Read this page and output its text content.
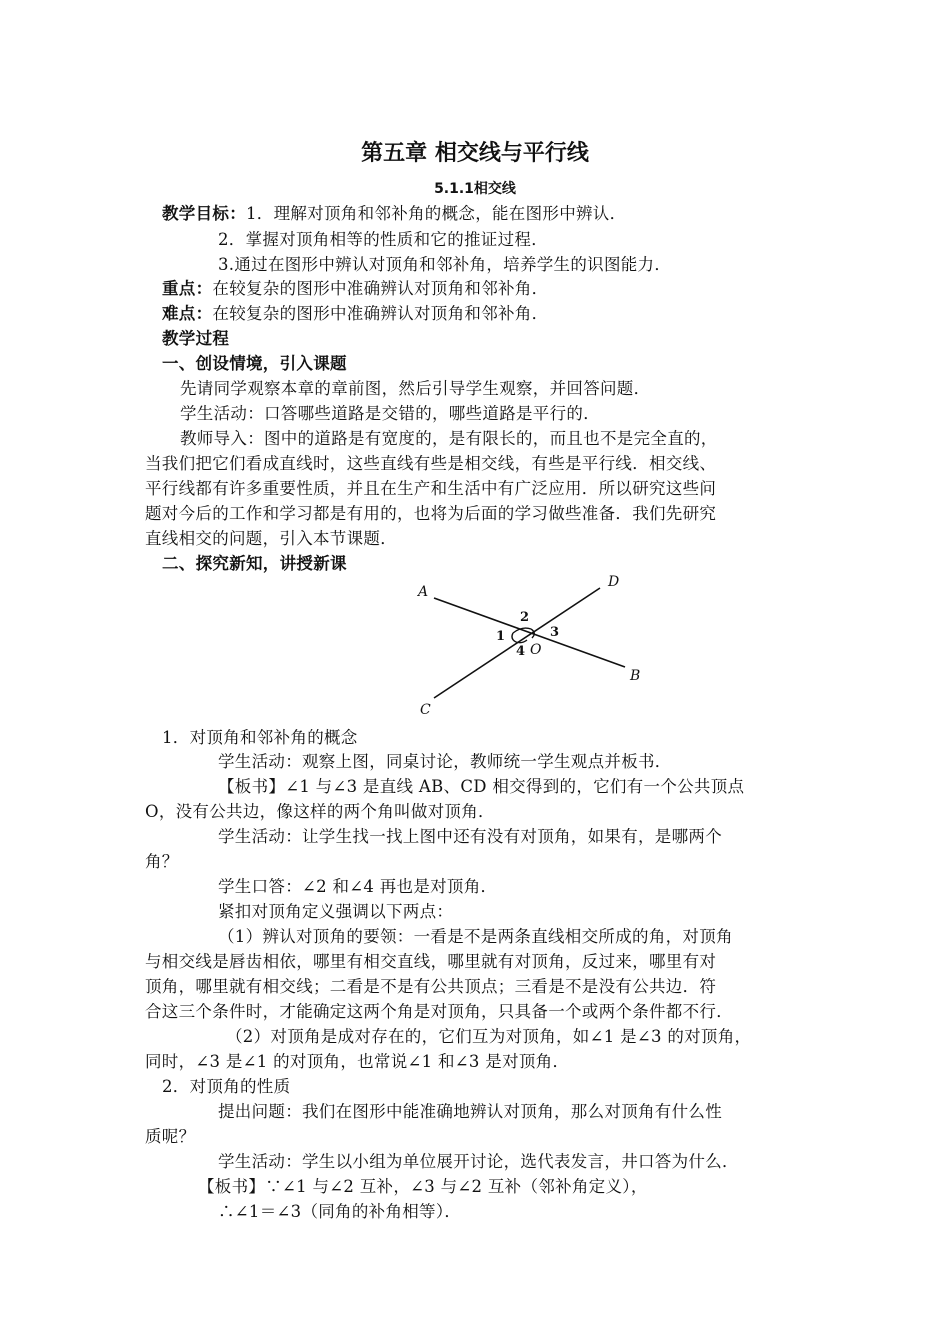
第五章 相交线与平行线
5.1.1相交线
教学目标：1．理解对顶角和邻补角的概念，能在图形中辨认．
2．掌握对顶角相等的性质和它的推证过程．
3.通过在图形中辨认对顶角和邻补角，培养学生的识图能力．
重点：在较复杂的图形中准确辨认对顶角和邻补角．
难点：在较复杂的图形中准确辨认对顶角和邻补角．
教学过程
一、创设情境，引入课题
先请同学观察本章的章前图，然后引导学生观察，并回答问题．
学生活动：口答哪些道路是交错的，哪些道路是平行的．
教师导入：图中的道路是有宽度的，是有限长的，而且也不是完全直的，
当我们把它们看成直线时，这些直线有些是相交线，有些是平行线．相交线、
平行线都有许多重要性质，并且在生产和生活中有广泛应用．所以研究这些问
题对今后的工作和学习都是有用的，也将为后面的学习做些准备．我们先研究
直线相交的问题，引入本节课题．
二、探究新知，讲授新课
A
B
C
D
O
2
1	3
4
1．对顶角和邻补角的概念
学生活动：观察上图，同桌讨论，教师统一学生观点并板书．
【板书】∠1 与∠3 是直线 AB、CD 相交得到的，它们有一个公共顶点
O，没有公共边，像这样的两个角叫做对顶角．
学生活动：让学生找一找上图中还有没有对顶角，如果有，是哪两个
角？
学生口答：∠2 和∠4 再也是对顶角．
紧扣对顶角定义强调以下两点：
（1）辨认对顶角的要领：一看是不是两条直线相交所成的角，对顶角
与相交线是唇齿相依，哪里有相交直线，哪里就有对顶角，反过来，哪里有对
顶角，哪里就有相交线；二看是不是有公共顶点；三看是不是没有公共边．符
合这三个条件时，才能确定这两个角是对顶角，只具备一个或两个条件都不行．
（2）对顶角是成对存在的，它们互为对顶角，如∠1 是∠3 的对顶角，
同时，∠3 是∠1 的对顶角，也常说∠1 和∠3 是对顶角．
2．对顶角的性质
提出问题：我们在图形中能准确地辨认对顶角，那么对顶角有什么性
质呢？
学生活动：学生以小组为单位展开讨论，选代表发言，井口答为什么．
【板书】∵∠1 与∠2 互补，∠3 与∠2 互补（邻补角定义），
∴∠1＝∠3（同角的补角相等）．
